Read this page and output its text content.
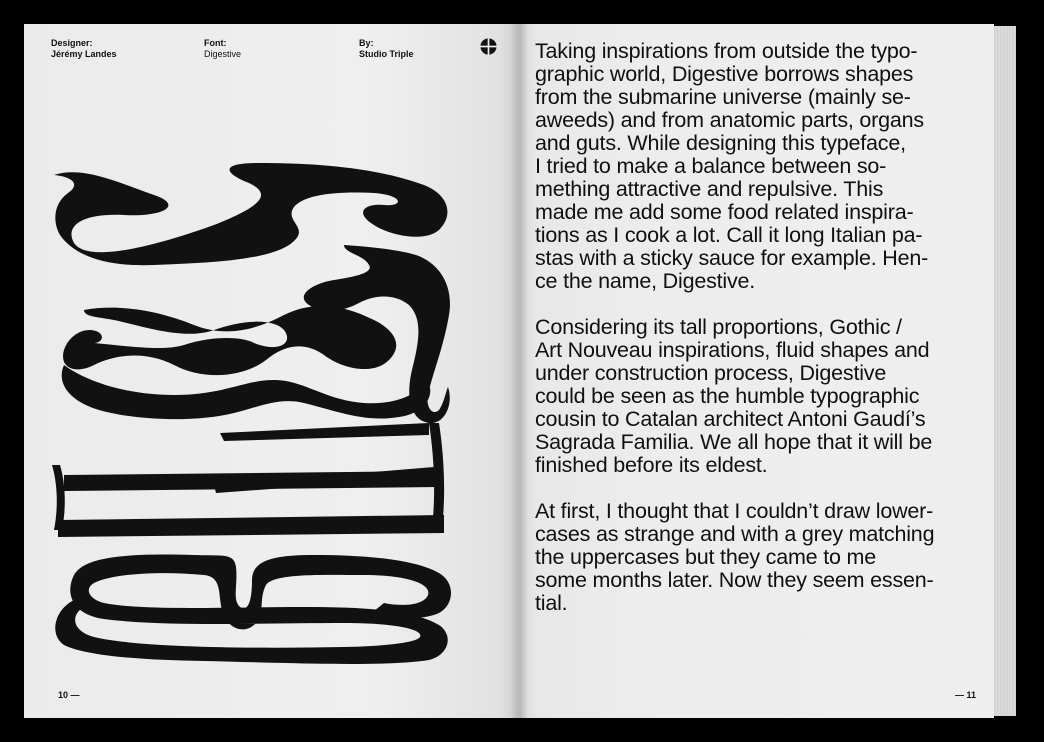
Designer:
Jérémy Landes
Font:
Digestive
By:
Studio Triple
10 —

Taking inspirations from outside the typo-
graphic world, Digestive borrows shapes
from the submarine universe (mainly se-
aweeds) and from anatomic parts, organs
and guts. While designing this typeface,
I tried to make a balance between so-
mething attractive and repulsive. This
made me add some food related inspira-
tions as I cook a lot. Call it long Italian pa-
stas with a sticky sauce for example. Hen-
ce the name, Digestive.

Considering its tall proportions, Gothic /
Art Nouveau inspirations, fluid shapes and
under construction process, Digestive
could be seen as the humble typographic
cousin to Catalan architect Antoni Gaudí’s
Sagrada Familia. We all hope that it will be
finished before its eldest.

At first, I thought that I couldn’t draw lower-
cases as strange and with a grey matching
the uppercases but they came to me
some months later. Now they seem essen-
tial.

— 11
